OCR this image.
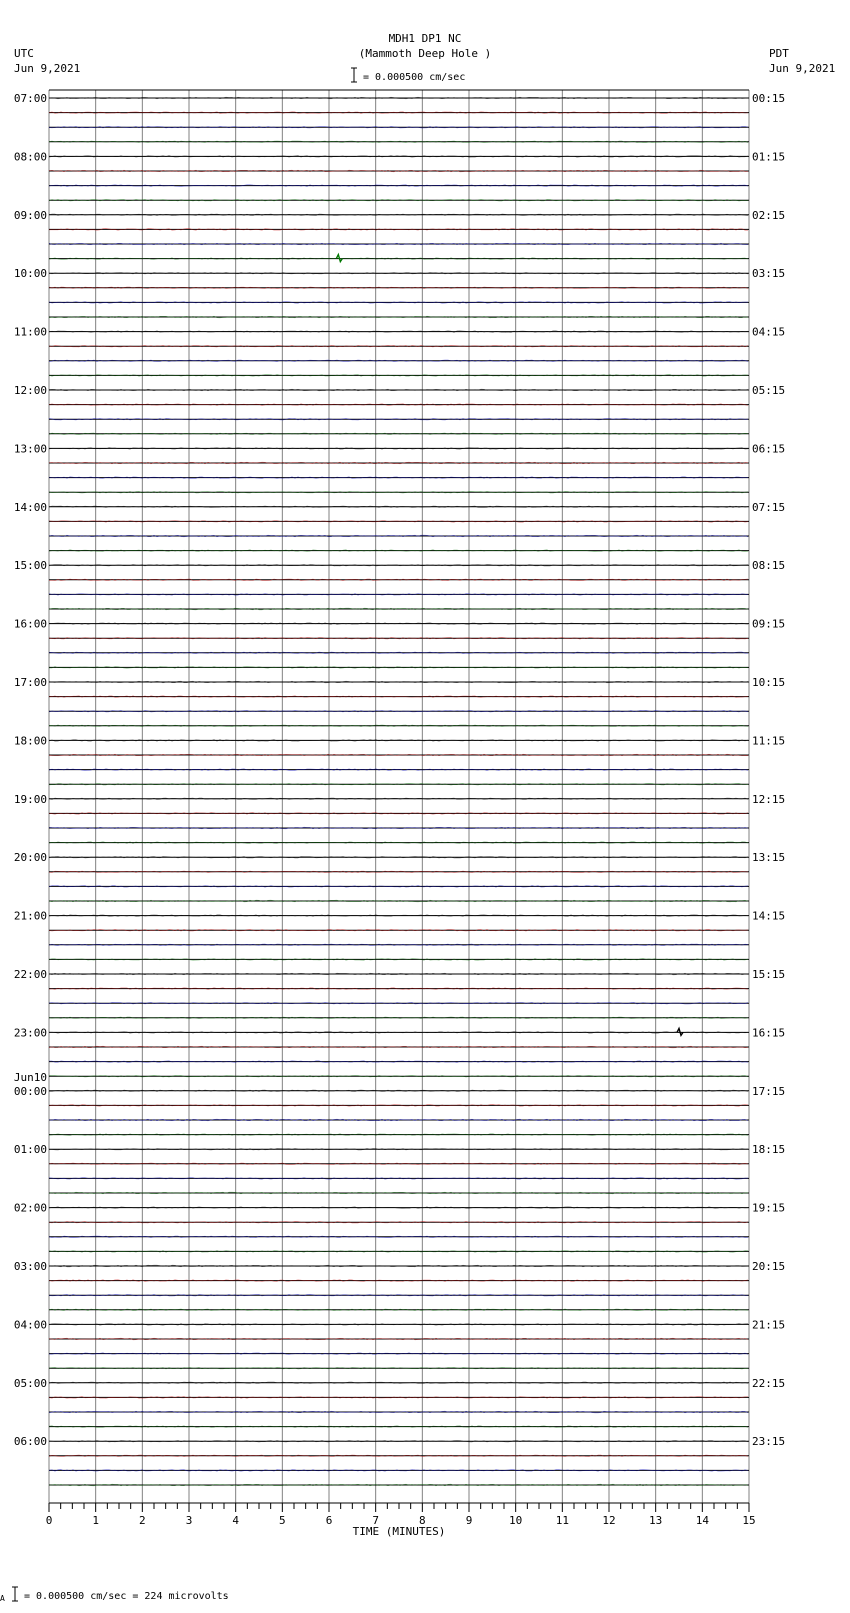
MDH1 DP1 NC
(Mammoth Deep Hole )
UTC
Jun 9,2021
PDT
Jun 9,2021
= 0.000500 cm/sec
A = 0.000500 cm/sec = 224 microvolts
0	1	2	3	4	5	6	7	8	9	10	11	12	13	14	15
TIME (MINUTES)
07:00
08:00
09:00
10:00
11:00
12:00
13:00
14:00
15:00
16:00
17:00
18:00
19:00
20:00
21:00
22:00
23:00
00:00
Jun10
01:00
02:00
03:00
04:00
05:00
06:00
00:15
01:15
02:15
03:15
04:15
05:15
06:15
07:15
08:15
09:15
10:15
11:15
12:15
13:15
14:15
15:15
16:15
17:15
18:15
19:15
20:15
21:15
22:15
23:15
